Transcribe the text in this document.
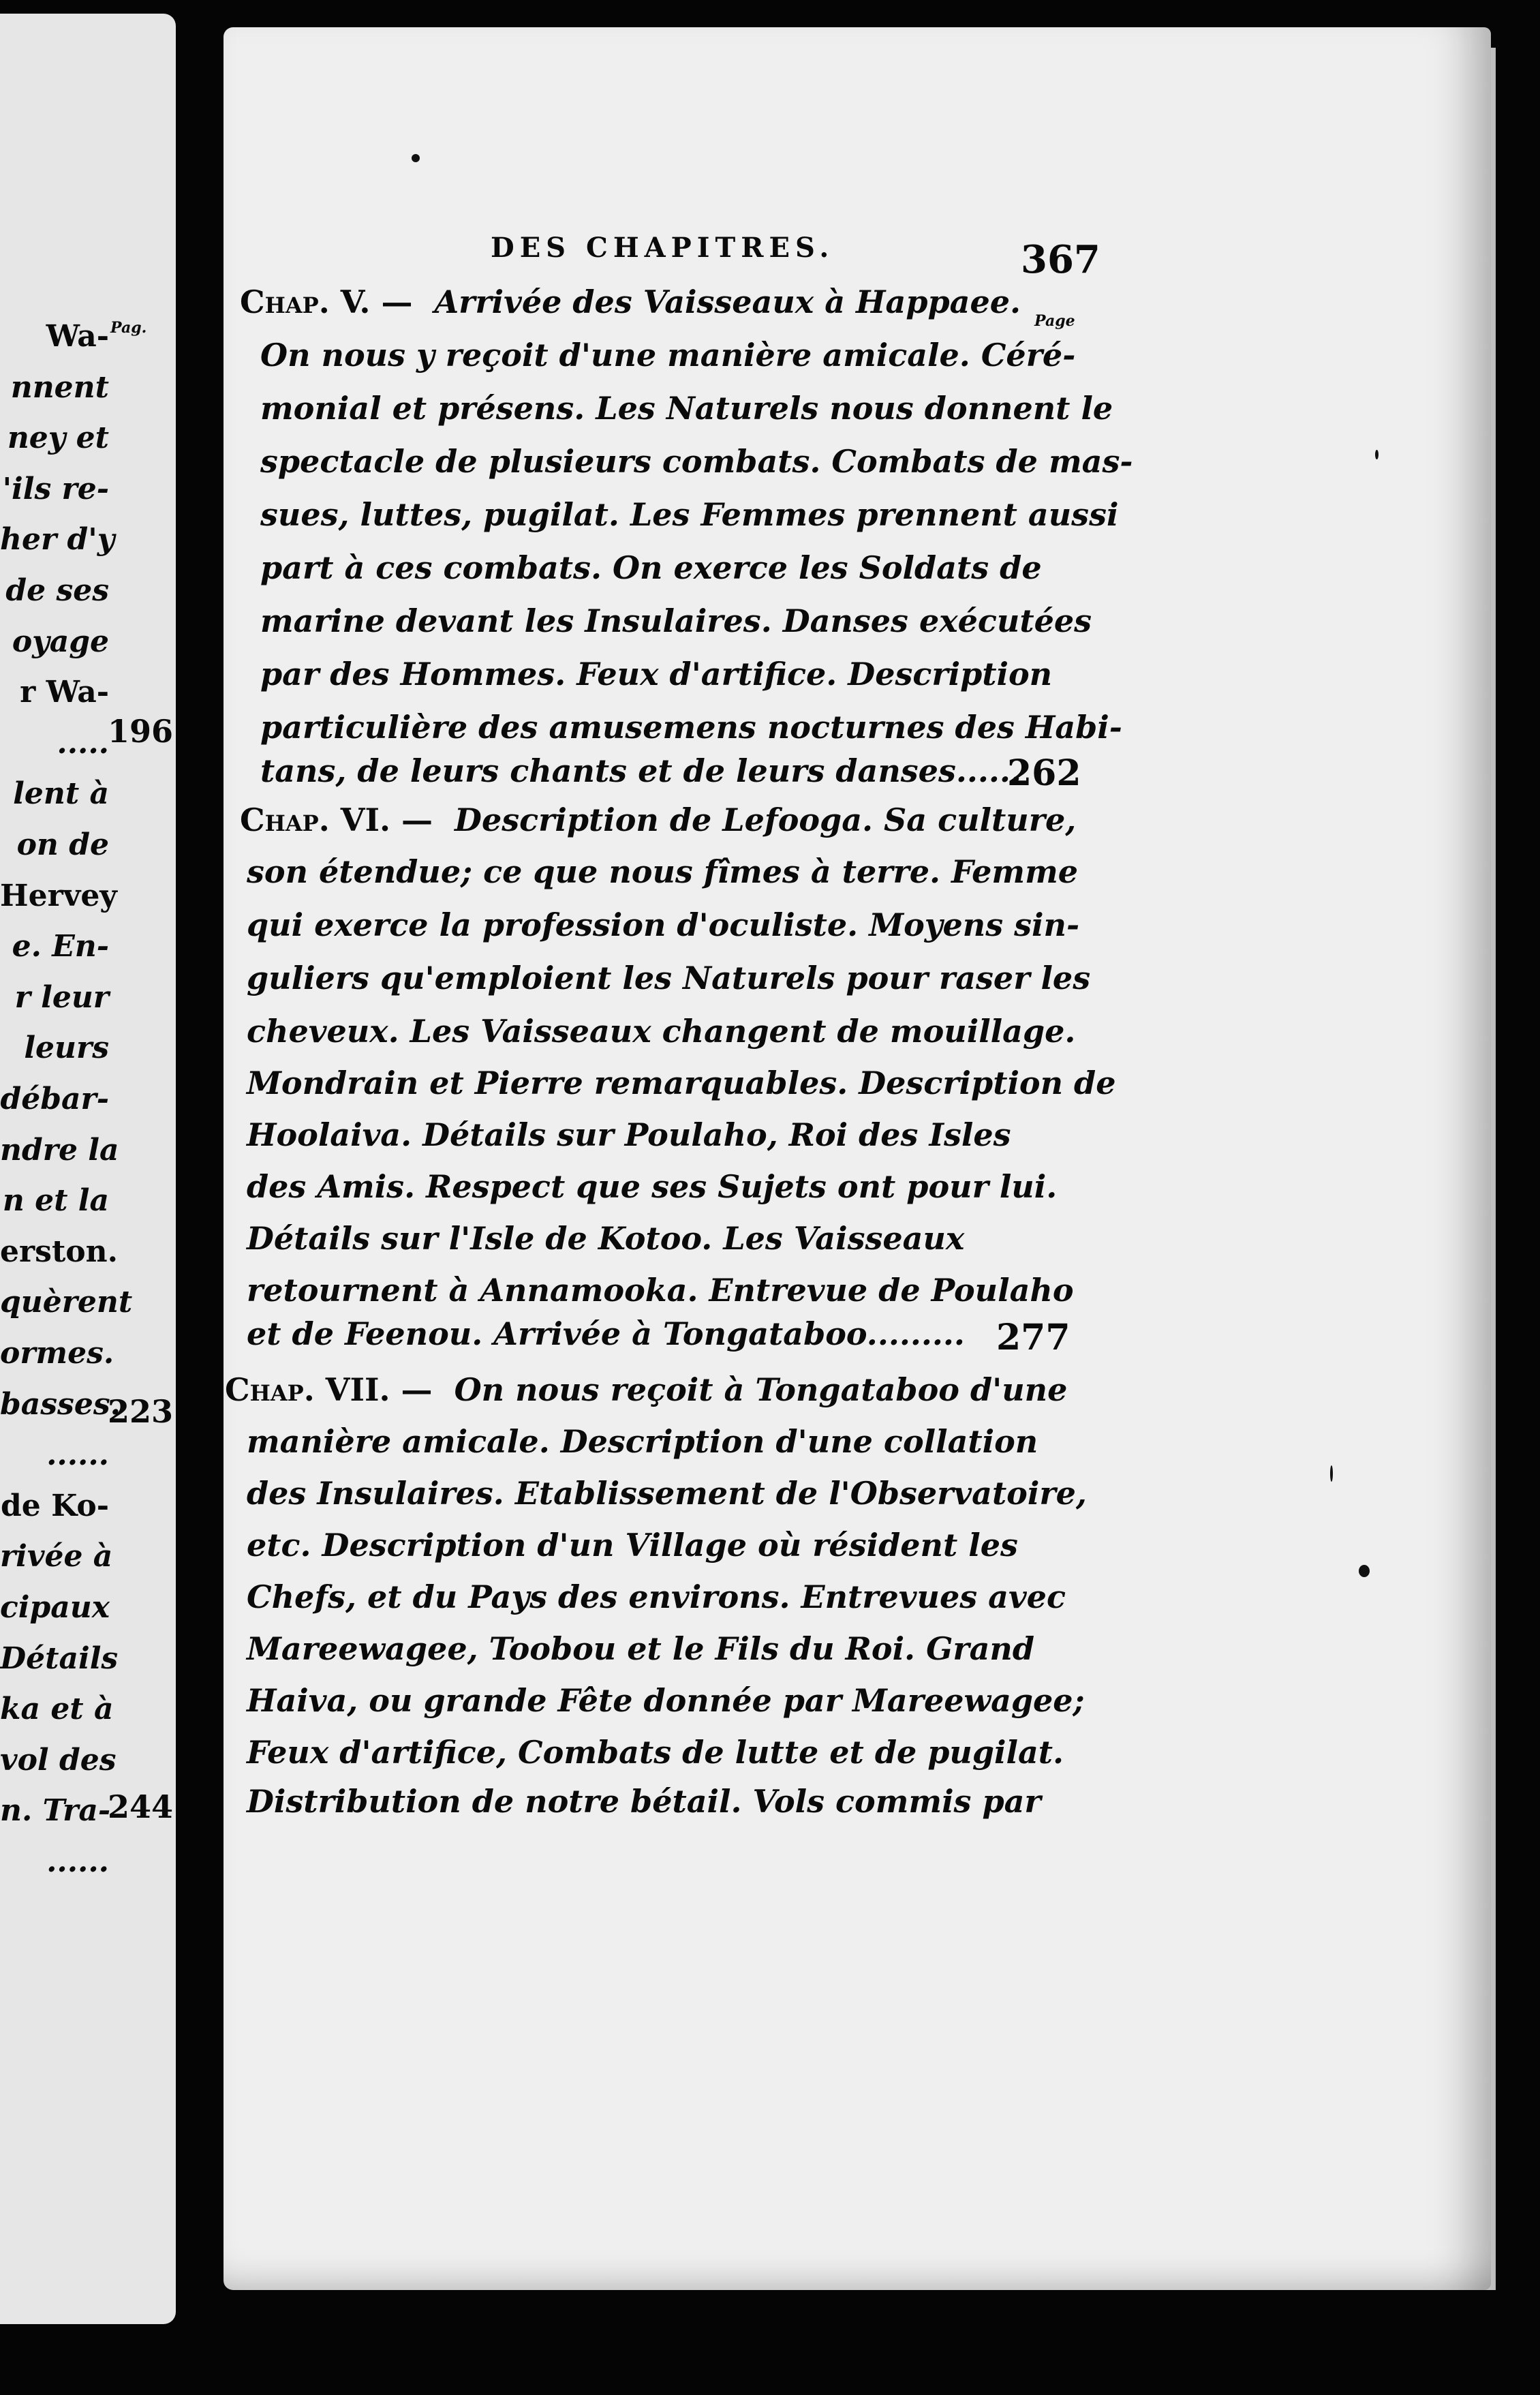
Pag.
Wa-
nnent
ney et
'ils re-
her d'y
de ses
oyage
r Wa-
.....
lent à
on de
Hervey
e. En-
r leur
leurs
débar-
ndre la
n et la
erston.
quèrent
ormes.
basses.
......
de Ko-
rivée à
cipaux
Détails
ka et à
vol des
n. Tra-
......
196
223
244
DES CHAPITRES.	367
Page
Chap. V. — Arrivée des Vaisseaux à Happaee.
On nous y reçoit d'une manière amicale. Céré-
monial et présens. Les Naturels nous donnent le
spectacle de plusieurs combats. Combats de mas-
sues, luttes, pugilat. Les Femmes prennent aussi
part à ces combats. On exerce les Soldats de
marine devant les Insulaires. Danses exécutées
par des Hommes. Feux d'artifice. Description
particulière des amusemens nocturnes des Habi-
tans, de leurs chants et de leurs danses......
262
Chap. VI. — Description de Lefooga. Sa culture,
son étendue; ce que nous fîmes à terre. Femme
qui exerce la profession d'oculiste. Moyens sin-
guliers qu'emploient les Naturels pour raser les
cheveux. Les Vaisseaux changent de mouillage.
Mondrain et Pierre remarquables. Description de
Hoolaiva. Détails sur Poulaho, Roi des Isles
des Amis. Respect que ses Sujets ont pour lui.
Détails sur l'Isle de Kotoo. Les Vaisseaux
retournent à Annamooka. Entrevue de Poulaho
et de Feenou. Arrivée à Tongataboo......... 277
Chap. VII. — On nous reçoit à Tongataboo d'une
manière amicale. Description d'une collation
des Insulaires. Etablissement de l'Observatoire,
etc. Description d'un Village où résident les
Chefs, et du Pays des environs. Entrevues avec
Mareewagee, Toobou et le Fils du Roi. Grand
Haiva, ou grande Fête donnée par Mareewagee;
Feux d'artifice, Combats de lutte et de pugilat.
Distribution de notre bétail. Vols commis par
